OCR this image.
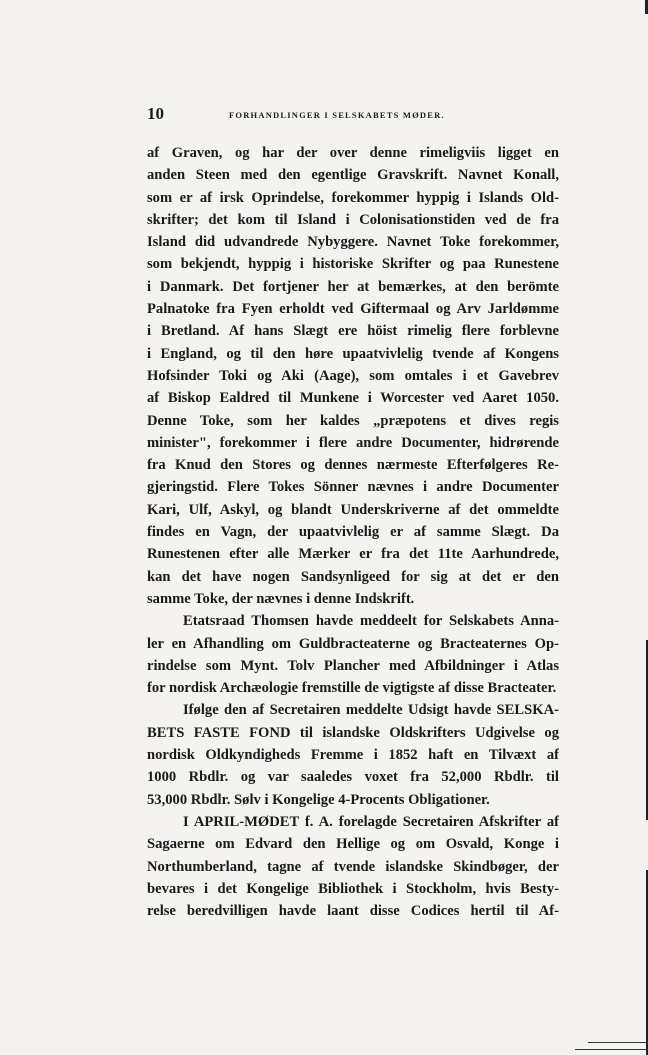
10	FORHANDLINGER I SELSKABETS MØDER.
af Graven, og har der over denne rimeligviis ligget en
anden Steen med den egentlige Gravskrift. Navnet Konall,
som er af irsk Oprindelse, forekommer hyppig i Islands Old-
skrifter; det kom til Island i Colonisationstiden ved de fra
Island did udvandrede Nybyggere. Navnet Toke forekommer,
som bekjendt, hyppig i historiske Skrifter og paa Runestene
i Danmark. Det fortjener her at bemærkes, at den berömte
Palnatoke fra Fyen erholdt ved Giftermaal og Arv Jarldømme
i Bretland. Af hans Slægt ere höist rimelig flere forblevne
i England, og til den høre upaatvivlelig tvende af Kongens
Hofsinder Toki og Aki (Aage), som omtales i et Gavebrev
af Biskop Ealdred til Munkene i Worcester ved Aaret 1050.
Denne Toke, som her kaldes „præpotens et dives regis
minister", forekommer i flere andre Documenter, hidrørende
fra Knud den Stores og dennes nærmeste Efterfølgeres Re-
gjeringstid. Flere Tokes Sönner nævnes i andre Documenter
Kari, Ulf, Askyl, og blandt Underskriverne af det ommeldte
findes en Vagn, der upaatvivlelig er af samme Slægt. Da
Runestenen efter alle Mærker er fra det 11te Aarhundrede,
kan det have nogen Sandsynligeed for sig at det er den
samme Toke, der nævnes i denne Indskrift.
Etatsraad Thomsen havde meddeelt for Selskabets Anna-
ler en Afhandling om Guldbracteaterne og Bracteaternes Op-
rindelse som Mynt. Tolv Plancher med Afbildninger i Atlas
for nordisk Archæologie fremstille de vigtigste af disse Bracteater.
Ifølge den af Secretairen meddelte Udsigt havde SELSKA-
BETS FASTE FOND til islandske Oldskrifters Udgivelse og
nordisk Oldkyndigheds Fremme i 1852 haft en Tilvæxt af
1000 Rbdlr. og var saaledes voxet fra 52,000 Rbdlr. til
53,000 Rbdlr. Sølv i Kongelige 4-Procents Obligationer.
I APRIL-MØDET f. A. forelagde Secretairen Afskrifter af
Sagaerne om Edvard den Hellige og om Osvald, Konge i
Northumberland, tagne af tvende islandske Skindbøger, der
bevares i det Kongelige Bibliothek i Stockholm, hvis Besty-
relse beredvilligen havde laant disse Codices hertil til Af-
